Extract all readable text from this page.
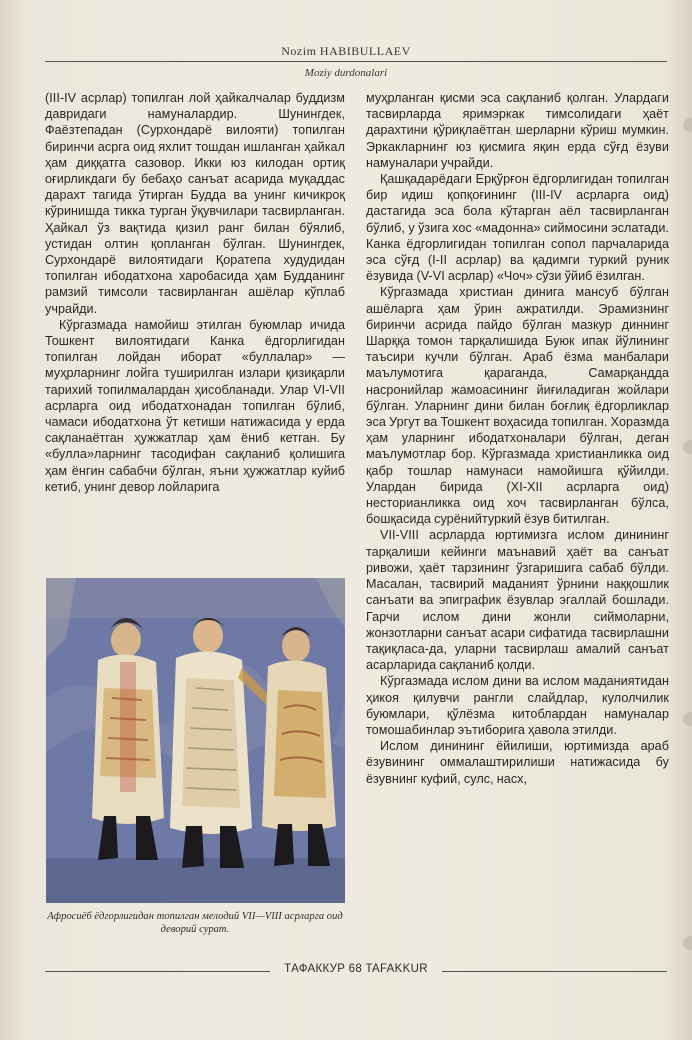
Nozim HABIBULLAEV
Moziy durdonalari

(III-IV асрлар) топилган лой ҳайкалчалар буддизм давридаги намуналардир. Шунингдек, Фаёзтепадан (Сурхондарё вилояти) топилган биринчи асрга оид яхлит тошдан ишланган ҳайкал ҳам диққатга сазовор. Икки юз килодан ортиқ оғирликдаги бу бебаҳо санъат асарида муқаддас дарахт тагида ўтирган Будда ва унинг кичикроқ кўринишда тикка турган ўқувчилари тасвирланган. Ҳайкал ўз вақтида қизил ранг билан бўялиб, устидан олтин қопланган бўлган. Шунингдек, Сурхондарё вилоятидаги Қоратепа худудидан топилган ибодатхона харобасида ҳам Будданинг рамзий тимсоли тасвирланган ашёлар кўплаб учрайди.

Кўргазмада намойиш этилган буюмлар ичида Тошкент вилоятидаги Канка ёдгорлигидан топилган лойдан иборат «буллалар» — муҳрларнинг лойга туширилган излари қизиқарли тарихий топилмалардан ҳисобланади. Улар VI-VII асрларга оид ибодатхонадан топилган бўлиб, чамаси ибодатхона ўт кетиши натижасида у ерда сақланаётган ҳужжатлар ҳам ёниб кетган. Бу «булла»ларнинг тасодифан сақланиб қолишига ҳам ёнгин сабабчи бўлган, яъни ҳужжатлар куйиб кетиб, унинг девор лойларига

Афросиёб ёдгорлигидан топилган мелодий VII—VIII асрларга оид деворий сурат.

муҳрланган қисми эса сақланиб қолган. Улардаги тасвирларда яримэркак тимсолидаги ҳаёт дарахтини қўриқлаётган шерларни кўриш мумкин. Эркакларнинг юз қисмига яқин ерда сўғд ёзуви намуналари учрайди.

Қашқадарёдаги Ерқўрғон ёдгорлигидан топилган бир идиш қопқоғининг (III-IV асрларга оид) дастагида эса бола кўтарган аёл тасвирланган бўлиб, у ўзига хос «мадонна» сиймосини эслатади. Канка ёдгорлигидан топилган сопол парчаларида эса сўғд (I-II асрлар) ва қадимги туркий руник ёзувида (V-VI асрлар) «Чоч» сўзи ўйиб ёзилган.

Кўргазмада христиан динига мансуб бўлган ашёларга ҳам ўрин ажратилди. Эрамизнинг биринчи асрида пайдо бўлган мазкур диннинг Шарққа томон тарқалишида Буюк ипак йўлининг таъсири кучли бўлган. Араб ёзма манбалари маълумотига қараганда, Самарқандда насронийлар жамоасининг йиғиладиган жойлари бўлган. Уларнинг дини билан боғлиқ ёдгорликлар эса Ургут ва Тошкент воҳасида топилган. Хоразмда ҳам уларнинг ибодатхоналари бўлган, деган маълумотлар бор. Кўргазмада христианликка оид қабр тошлар намунаси намойишга қўйилди. Улардан бирида (XI-XII асрларга оид) несторианликка оид хоч тасвирланган бўлса, бошқасида сурёнийтуркий ёзув битилган.

VII-VIII асрларда юртимизга ислом динининг тарқалиши кейинги маънавий ҳаёт ва санъат ривожи, ҳаёт тарзининг ўзгаришига сабаб бўлди. Масалан, тасвирий маданият ўрнини наққошлик санъати ва эпиграфик ёзувлар эгаллай бошлади. Гарчи ислом дини жонли сиймоларни, жонзотларни санъат асари сифатида тасвирлашни тақиқласа-да, уларни тасвирлаш амалий санъат асарларида сақланиб қолди.

Кўргазмада ислом дини ва ислом маданиятидан ҳикоя қилувчи рангли слайдлар, кулолчилик буюмлари, қўлёзма китоблардан намуналар томошабинлар эътиборига ҳавола этилди.

Ислом динининг ёйилиши, юртимизда араб ёзувининг оммалаштирилиши натижасида бу ёзувнинг куфий, сулс, насх,

ТАФАККУР 68 TAFAKKUR
